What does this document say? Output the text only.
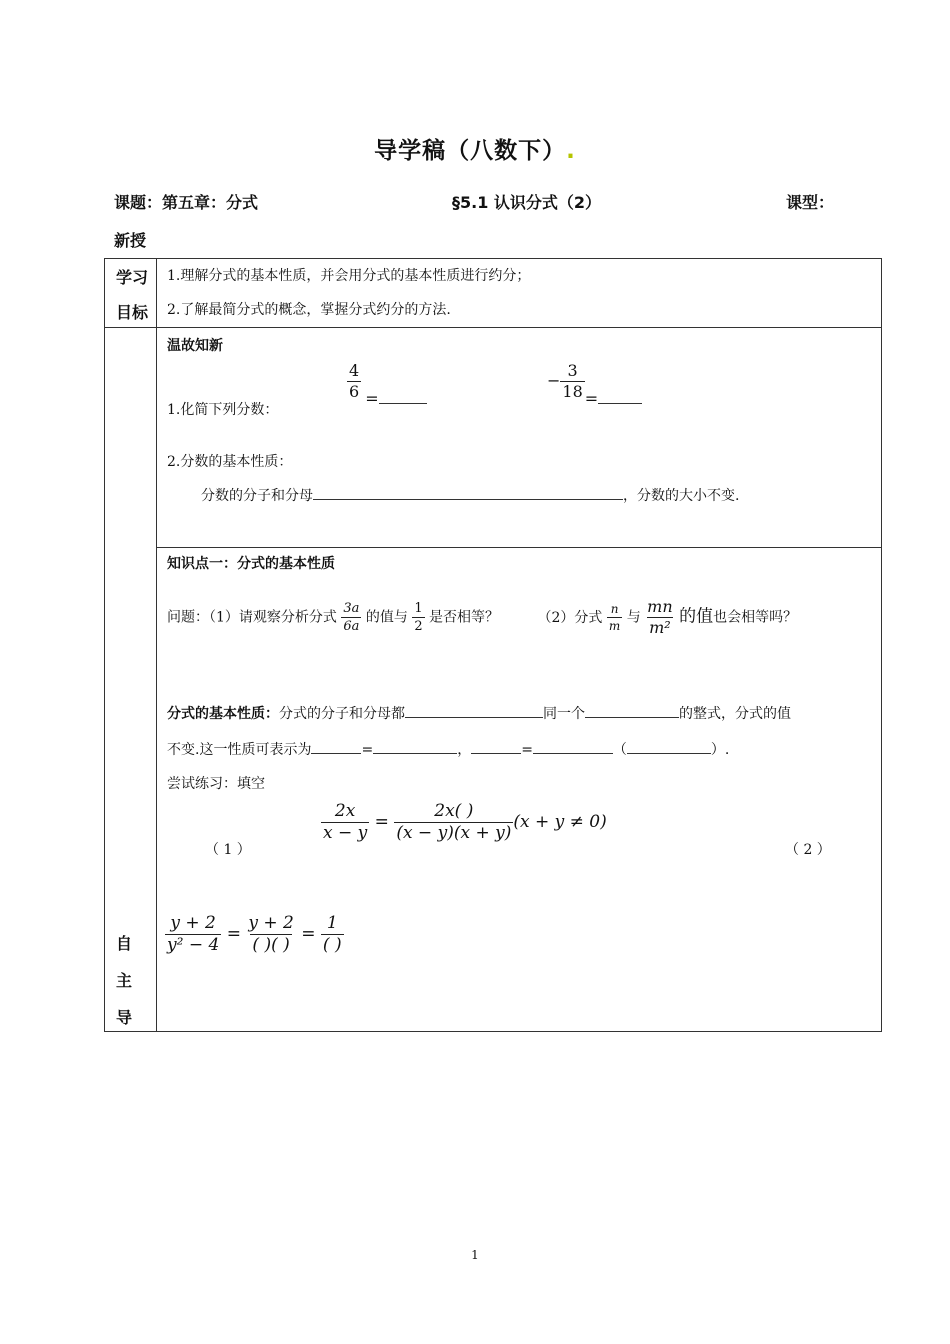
导学稿（八数下）.
课题：第五章：分式	§5.1 认识分式（2）	课型：
新授
学习
目标
1.理解分式的基本性质，并会用分式的基本性质进行约分；
2.了解最简分式的概念，掌握分式约分的方法.
温故知新
1.化简下列分数：
$\frac{4}{6}$ =
− $\frac{3}{18}$ =
2.分数的基本性质：
分数的分子和分母	，分数的大小不变.
知识点一：分式的基本性质
问题：（1）请观察分析分式 $\frac{3a}{6a}$ 的值与 $\frac{1}{2}$ 是否相等？	（2）分式 $\frac{n}{m}$ 与 $\frac{mn}{\text{m²}}$ 的值也会相等吗？
分式的基本性质：分式的分子和分母都	同一个	的整式，分式的值
不变.这一性质可表示为	=	，	=	（	）.
尝试练习：填空
（ 1 ）
$\frac{2x}{x - y} = \frac{2x( )}{(x - y)(x + y)} (x + y \ne 0)$
（ 2 ）
$\frac{y + 2}{\text{y² − 4}}$ =
y + 2
( )( )
=
1
( )
自
主
导
1
